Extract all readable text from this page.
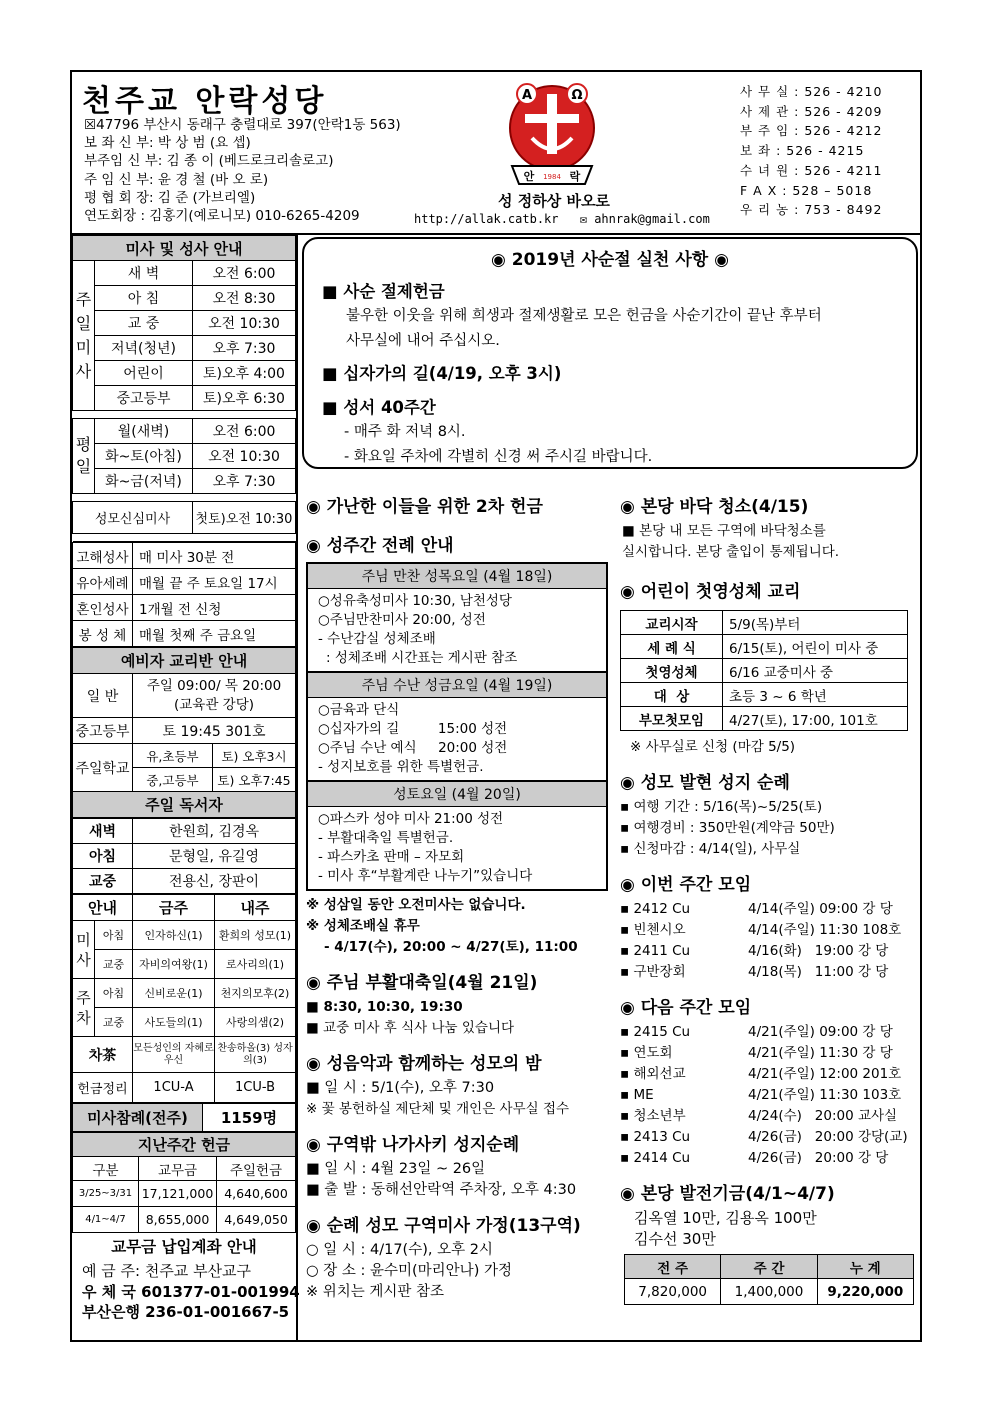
천주교 안락성당
☒47796 부산시 동래구 충렬대로 397(안락1동 563)
보 좌 신 부: 박 상 범 (요 셉)
부주임 신 부: 김 종 이 (베드로크리솔로고)
주 임 신 부: 윤 경 철 (바 오 로)
평 협 회 장: 김 준 (가브리엘)
연도회장 : 김홍기(예로니모) 010-6265-4209
A	Ω
안 1984 락
성 정하상 바오로
http://allak.catb.kr ✉ ahnrak@gmail.com
사 무 실 : 526 - 4210
사 제 관 : 526 - 4209
부 주 임 : 526 - 4212
보 좌 : 526 - 4215
수 녀 원 : 526 - 4211
F A X : 528 – 5018
우 리 농 : 753 - 8492
미사 및 성사 안내		
주일미사	새 벽	오전 6:00
	아 침	오전 8:30
	교 중	오전 10:30
	저녁(청년)	오후 7:30
	어린이	토)오후 4:00
	중고등부	토)오후 6:30

평일	월(새벽)	오전 6:00
	화~토(아침)	오전 10:30
	화~금(저녁)	오후 7:30

성모신심미사		첫토)오전 10:30

고해성사	매 미사 30분 전
유아세례	매월 끝 주 토요일 17시
혼인성사	1개월 전 신청
봉 성 체	매월 첫째 주 금요일
예비자 교리반 안내		
일 반	주일 09:00/ 목 20:00
(교육관 강당)	

중고등부	토 19:45 301호	
주일학교	유,초등부	토) 오후3시
	중,고등부	토) 오후7:45
주일 독서자		
새벽	한원희, 김경옥
아침	문형일, 유길영
교중	전용신, 장판이
안내		금주	내주
미사	아침	인자하신(1)	환희의 성모(1)
	교중	자비의여왕(1)	로사리의(1)
주차	아침	신비로운(1)	천지의모후(2)
	교중	사도들의(1)	사랑의샘(2)
차茶		모든성인의 자혜로우신	찬송하올(3) 성자의(3)
헌금정리		1CU-A	1CU-B
미사참례(전주)	1159명
지난주간 헌금		
구분	교무금	주일헌금
3/25~3/31	17,121,000	4,640,600
4/1~4/7	8,655,000	4,649,050
교무금 납입계좌 안내
예 금 주: 천주교 부산교구
우 체 국 601377-01-001994
부산은행 236-01-001667-5
◉ 2019년 사순절 실천 사항 ◉
■ 사순 절제헌금
불우한 이웃을 위해 희생과 절제생활로 모은 헌금을 사순기간이 끝난 후부터
사무실에 내어 주십시오.
■ 십자가의 길(4/19, 오후 3시)
■ 성서 40주간
- 매주 화 저녁 8시.
- 화요일 주차에 각별히 신경 써 주시길 바랍니다.
◉ 가난한 이들을 위한 2차 헌금
◉ 성주간 전례 안내
주님 만찬 성목요일 (4월 18일)
○성유축성미사 10:30, 남천성당
○주님만찬미사 20:00, 성전
- 수난감실 성체조배
: 성체조배 시간표는 게시판 참조
주님 수난 성금요일 (4월 19일)
○금육과 단식
○십자가의 길         15:00 성전
○주님 수난 예식     20:00 성전
- 성지보호를 위한 특별헌금.
성토요일 (4월 20일)
○파스카 성야 미사 21:00 성전
- 부활대축일 특별헌금.
- 파스카초 판매 – 자모회
- 미사 후“부활계란 나누기”있습니다
※ 성삼일 동안 오전미사는 없습니다.
※ 성체조배실 휴무
- 4/17(수), 20:00 ~ 4/27(토), 11:00
◉ 주님 부활대축일(4월 21일)
■ 8:30, 10:30, 19:30
■ 교중 미사 후 식사 나눔 있습니다
◉ 성음악과 함께하는 성모의 밤
■ 일 시 : 5/1(수), 오후 7:30
※ 꽃 봉헌하실 제단체 및 개인은 사무실 접수
◉ 구역밖 나가사키 성지순례
■ 일 시 : 4월 23일 ~ 26일
■ 출 발 : 동해선안락역 주차장, 오후 4:30
◉ 순례 성모 구역미사 가정(13구역)
○ 일 시 : 4/17(수), 오후 2시
○ 장 소 : 윤수미(마리안나) 가정
※ 위치는 게시판 참조
◉ 본당 바닥 청소(4/15)
■ 본당 내 모든 구역에 바닥청소를
실시합니다. 본당 출입이 통제됩니다.
◉ 어린이 첫영성체 교리
교리시작	5/9(목)부터
세 례 식	6/15(토), 어린이 미사 중
첫영성체	6/16 교중미사 중
대  상	초등 3 ~ 6 학년
부모첫모임	4/27(토), 17:00, 101호
※ 사무실로 신청 (마감 5/5)
◉ 성모 발현 성지 순례
▪ 여행 기간 : 5/16(목)~5/25(토)
▪ 여행경비 : 350만원(계약금 50만)
▪ 신청마감 : 4/14(일), 사무실
◉ 이번 주간 모임
▪ 2412 Cu	4/14(주일) 09:00 강 당
▪ 빈첸시오	4/14(주일) 11:30 108호
▪ 2411 Cu	4/16(화)   19:00 강 당
▪ 구반장회	4/18(목)   11:00 강 당
◉ 다음 주간 모임
▪ 2415 Cu	4/21(주일) 09:00 강 당
▪ 연도회	4/21(주일) 11:30 강 당
▪ 해외선교	4/21(주일) 12:00 201호
▪ ME	4/21(주일) 11:30 103호
▪ 청소년부	4/24(수)   20:00 교사실
▪ 2413 Cu	4/26(금)   20:00 강당(교)
▪ 2414 Cu	4/26(금)   20:00 강 당
◉ 본당 발전기금(4/1~4/7)
김옥열 10만, 김용옥 100만
김수선 30만
전 주	주 간	누 계
7,820,000	1,400,000	9,220,000
